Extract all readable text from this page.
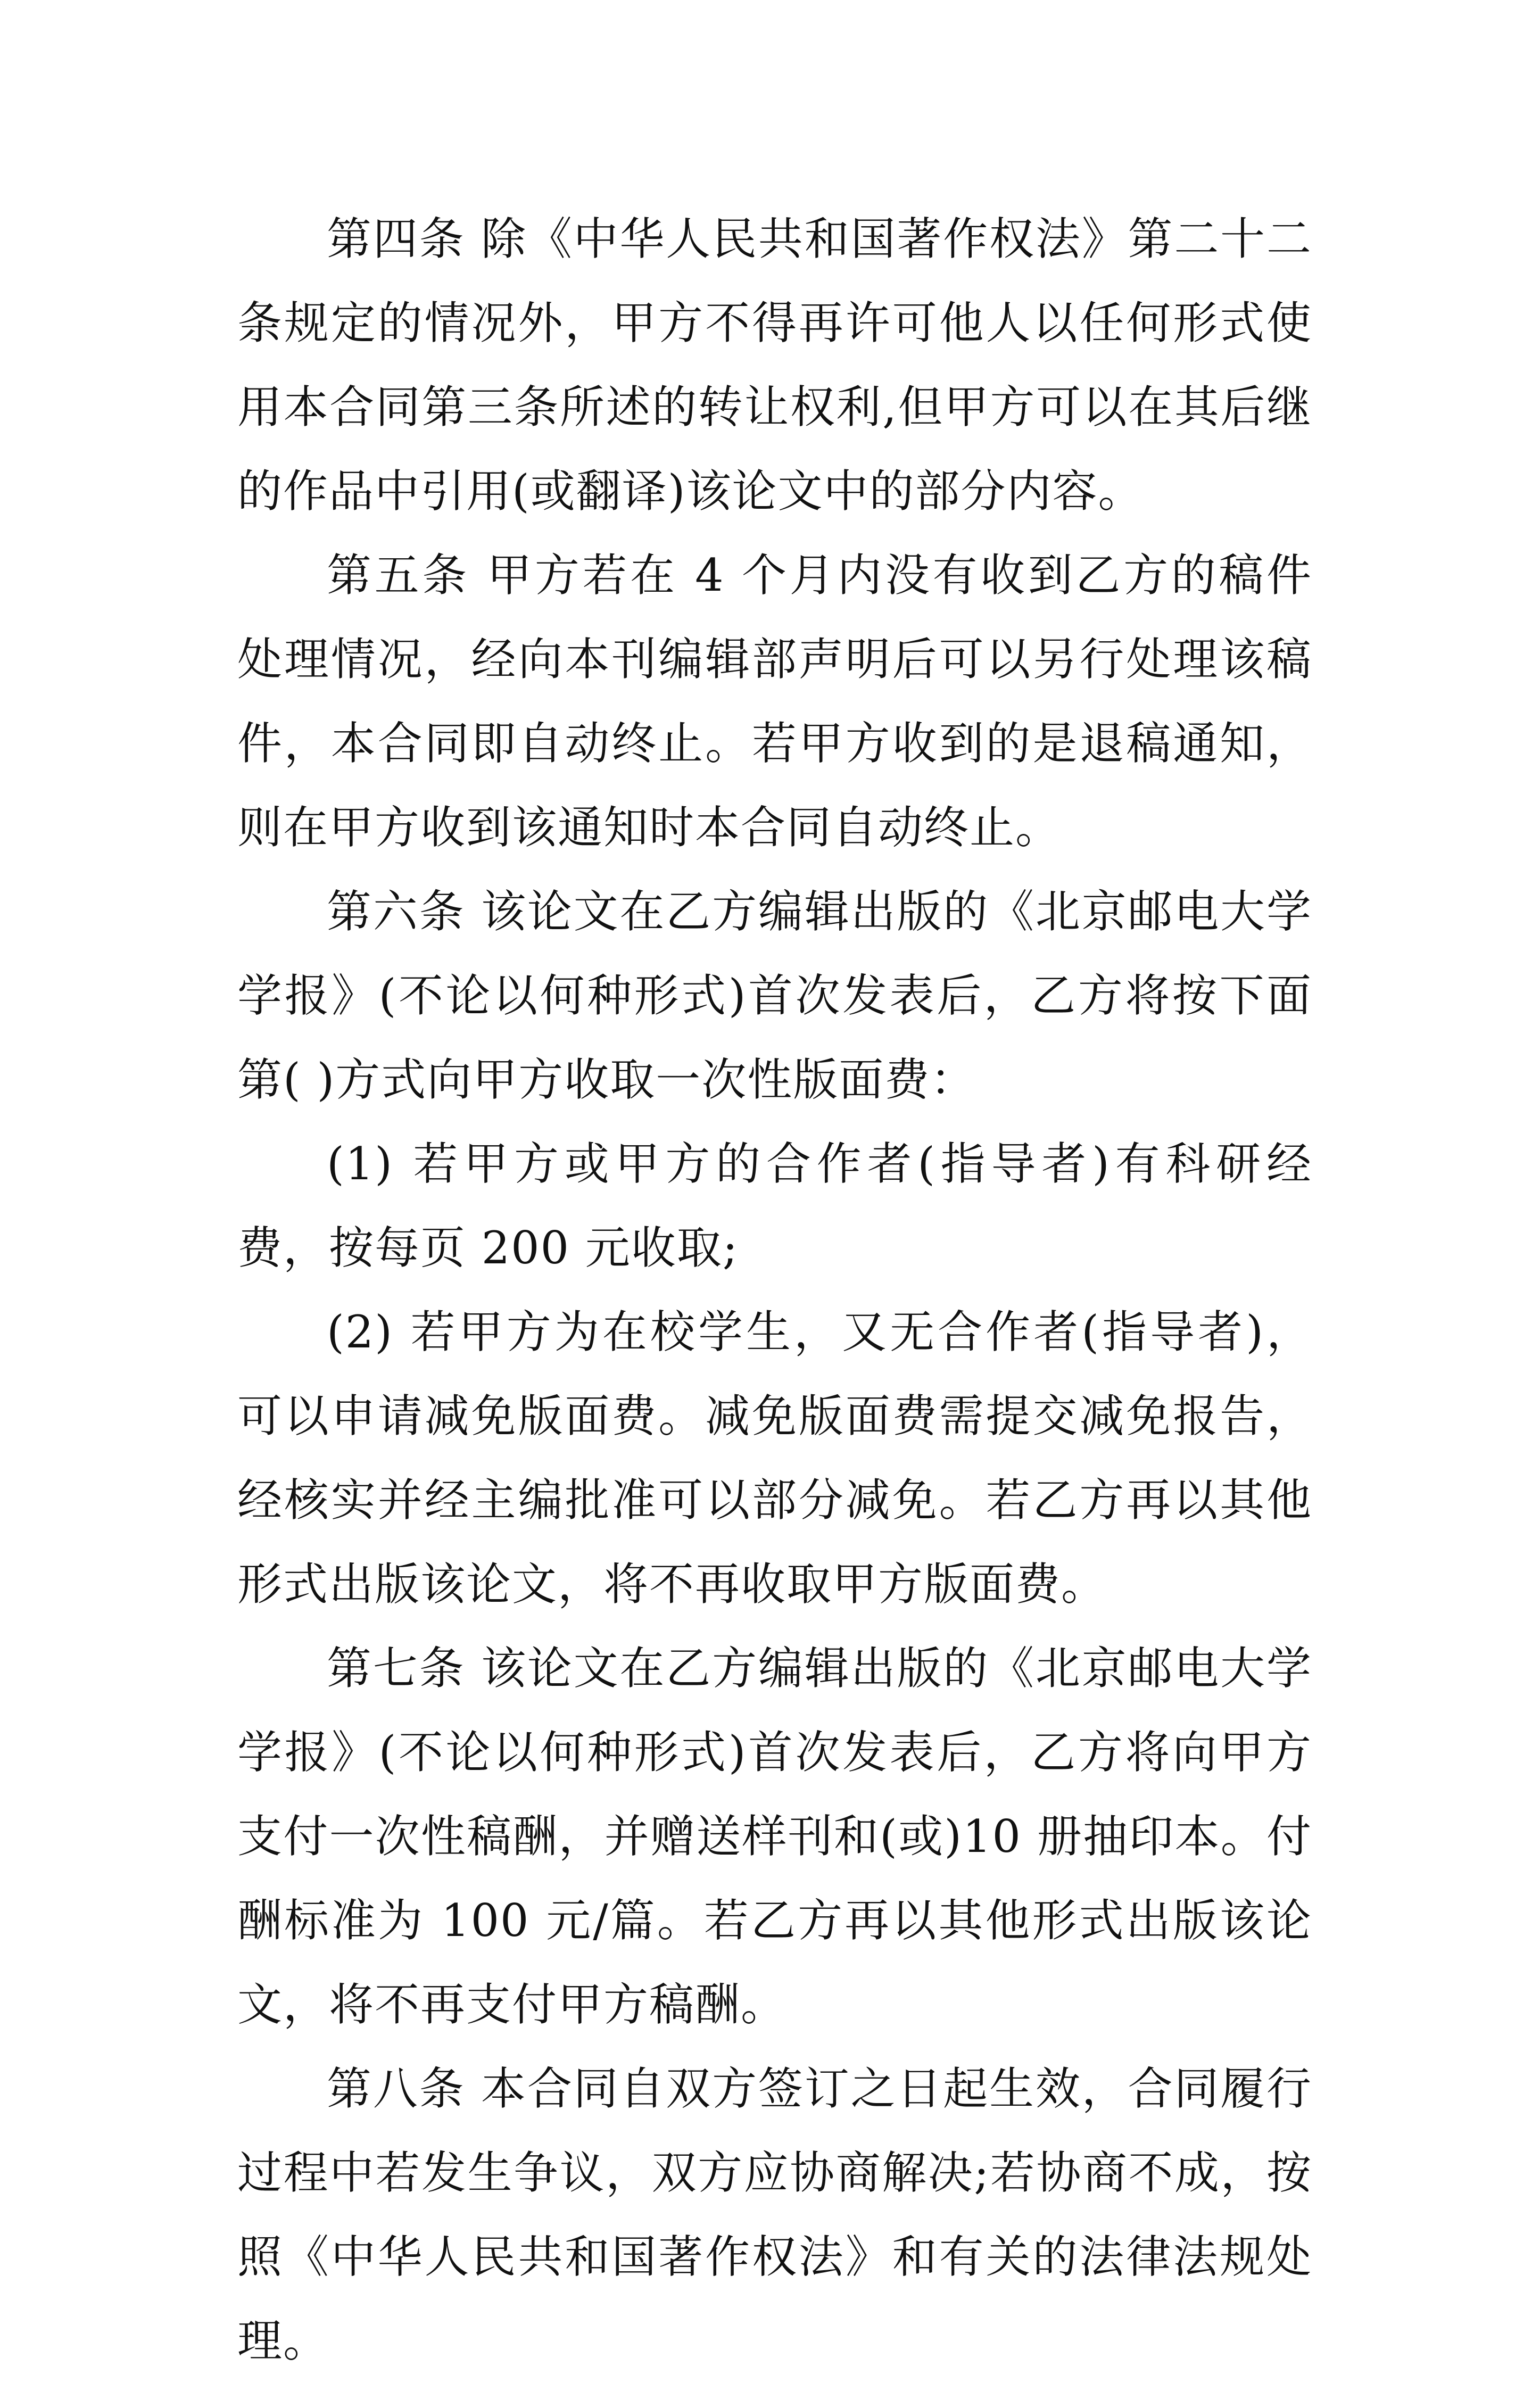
第四条 除《中华人民共和国著作权法》第二十二条规定的情况外，甲方不得再许可他人以任何形式使用本合同第三条所述的转让权利,但甲方可以在其后继的作品中引用(或翻译)该论文中的部分内容。

第五条 甲方若在 4 个月内没有收到乙方的稿件处理情况，经向本刊编辑部声明后可以另行处理该稿件，本合同即自动终止。若甲方收到的是退稿通知，则在甲方收到该通知时本合同自动终止。

第六条 该论文在乙方编辑出版的《北京邮电大学学报》(不论以何种形式)首次发表后，乙方将按下面第( )方式向甲方收取一次性版面费：

(1) 若甲方或甲方的合作者(指导者)有科研经费，按每页 200 元收取;

(2) 若甲方为在校学生，又无合作者(指导者)，可以申请减免版面费。减免版面费需提交减免报告，经核实并经主编批准可以部分减免。若乙方再以其他形式出版该论文，将不再收取甲方版面费。

第七条 该论文在乙方编辑出版的《北京邮电大学学报》(不论以何种形式)首次发表后，乙方将向甲方支付一次性稿酬，并赠送样刊和(或)10 册抽印本。付酬标准为 100 元/篇。若乙方再以其他形式出版该论文，将不再支付甲方稿酬。

第八条 本合同自双方签订之日起生效，合同履行过程中若发生争议，双方应协商解决;若协商不成，按照《中华人民共和国著作权法》和有关的法律法规处理。
